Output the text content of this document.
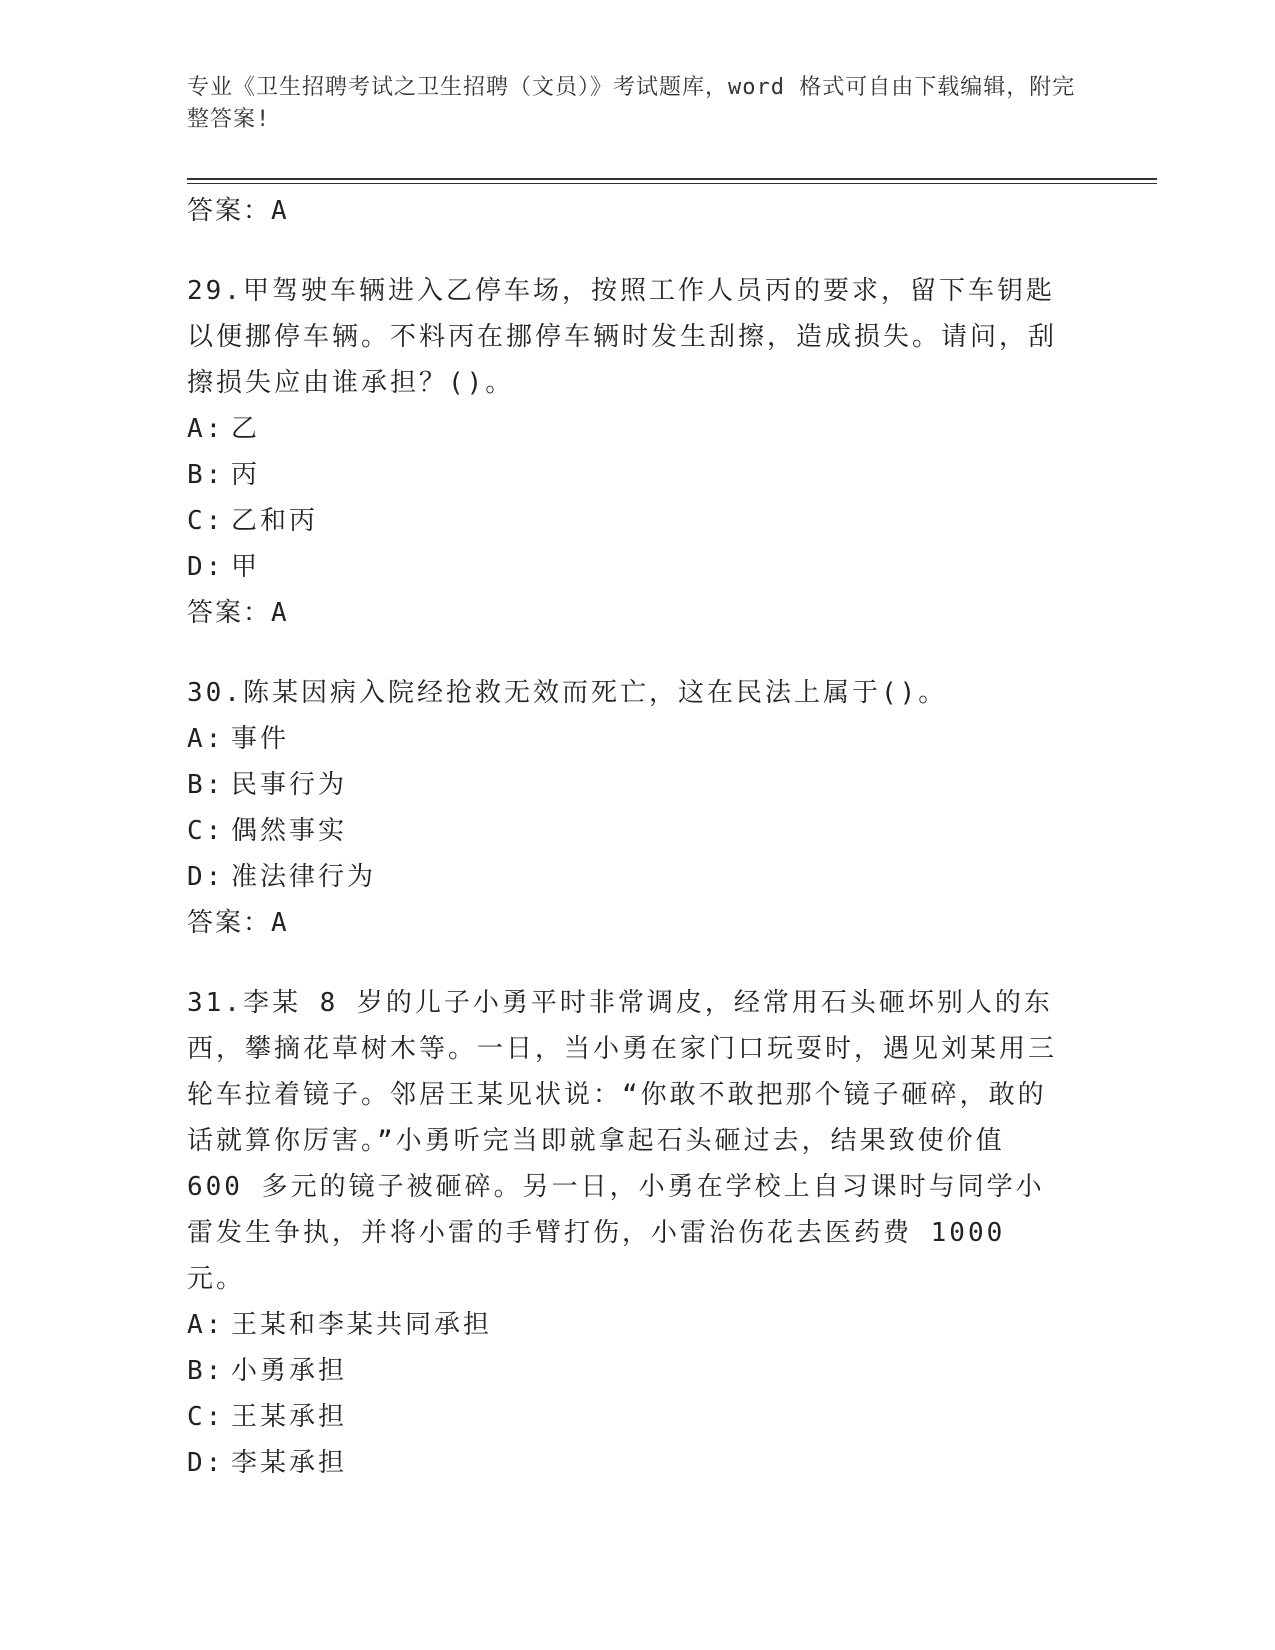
专业《卫生招聘考试之卫生招聘（文员）》考试题库，word 格式可自由下载编辑，附完整答案!

答案：A

29.甲驾驶车辆进入乙停车场，按照工作人员丙的要求，留下车钥匙以便挪停车辆。不料丙在挪停车辆时发生刮擦，造成损失。请问，刮擦损失应由谁承担？()。

A: 乙

B: 丙

C: 乙和丙

D: 甲

答案：A

30.陈某因病入院经抢救无效而死亡，这在民法上属于()。

A: 事件

B: 民事行为

C: 偶然事实

D: 准法律行为

答案：A

31.李某 8 岁的儿子小勇平时非常调皮，经常用石头砸坏别人的东西，攀摘花草树木等。一日，当小勇在家门口玩耍时，遇见刘某用三轮车拉着镜子。邻居王某见状说：“你敢不敢把那个镜子砸碎，敢的话就算你厉害。”小勇听完当即就拿起石头砸过去，结果致使价值 600 多元的镜子被砸碎。另一日，小勇在学校上自习课时与同学小雷发生争执，并将小雷的手臂打伤，小雷治伤花去医药费 1000 元。

A: 王某和李某共同承担

B: 小勇承担

C: 王某承担

D: 李某承担
